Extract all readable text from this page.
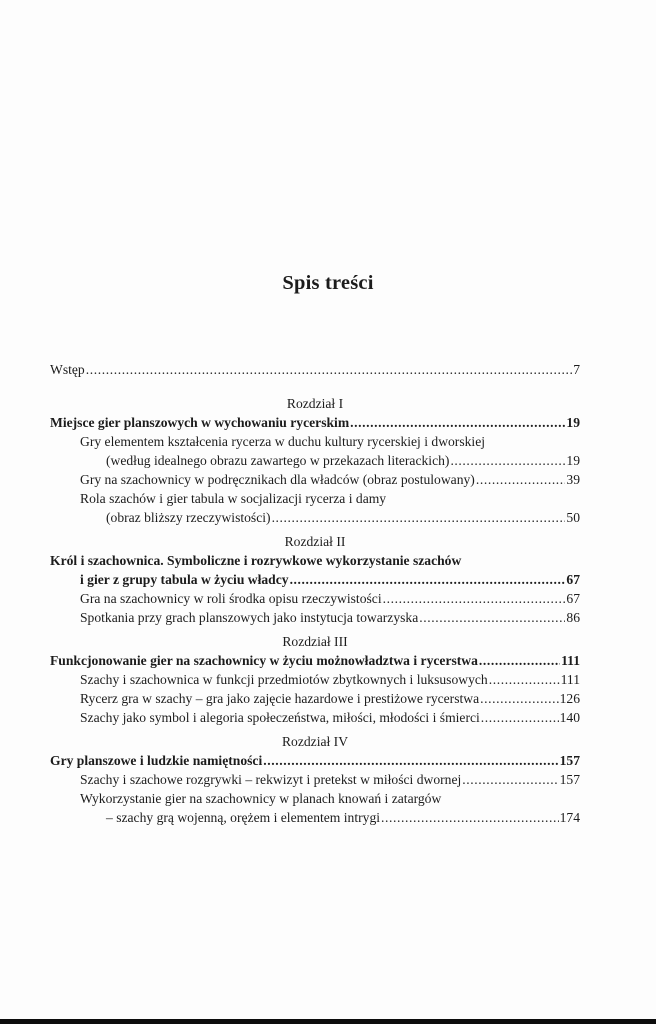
Spis treści
Wstęp .....	7
Rozdział I
Miejsce gier planszowych w wychowaniu rycerskim .....	19
Gry elementem kształcenia rycerza w duchu kultury rycerskiej i dworskiej
(według idealnego obrazu zawartego w przekazach literackich) .....	19
Gry na szachownicy w podręcznikach dla władców (obraz postulowany) .....	39
Rola szachów i gier tabula w socjalizacji rycerza i damy
(obraz bliższy rzeczywistości) .....	50
Rozdział II
Król i szachownica. Symboliczne i rozrywkowe wykorzystanie szachów
i gier z grupy tabula w życiu władcy .....	67
Gra na szachownicy w roli środka opisu rzeczywistości .....	67
Spotkania przy grach planszowych jako instytucja towarzyska .....	86
Rozdział III
Funkcjonowanie gier na szachownicy w życiu możnowładztwa i rycerstwa .....	111
Szachy i szachownica w funkcji przedmiotów zbytkownych i luksusowych .....	111
Rycerz gra w szachy – gra jako zajęcie hazardowe i prestiżowe rycerstwa .....	126
Szachy jako symbol i alegoria społeczeństwa, miłości, młodości i śmierci .....	140
Rozdział IV
Gry planszowe i ludzkie namiętności .....	157
Szachy i szachowe rozgrywki – rekwizyt i pretekst w miłości dwornej .....	157
Wykorzystanie gier na szachownicy w planach knowań i zatargów
– szachy grą wojenną, orężem i elementem intrygi .....	174
